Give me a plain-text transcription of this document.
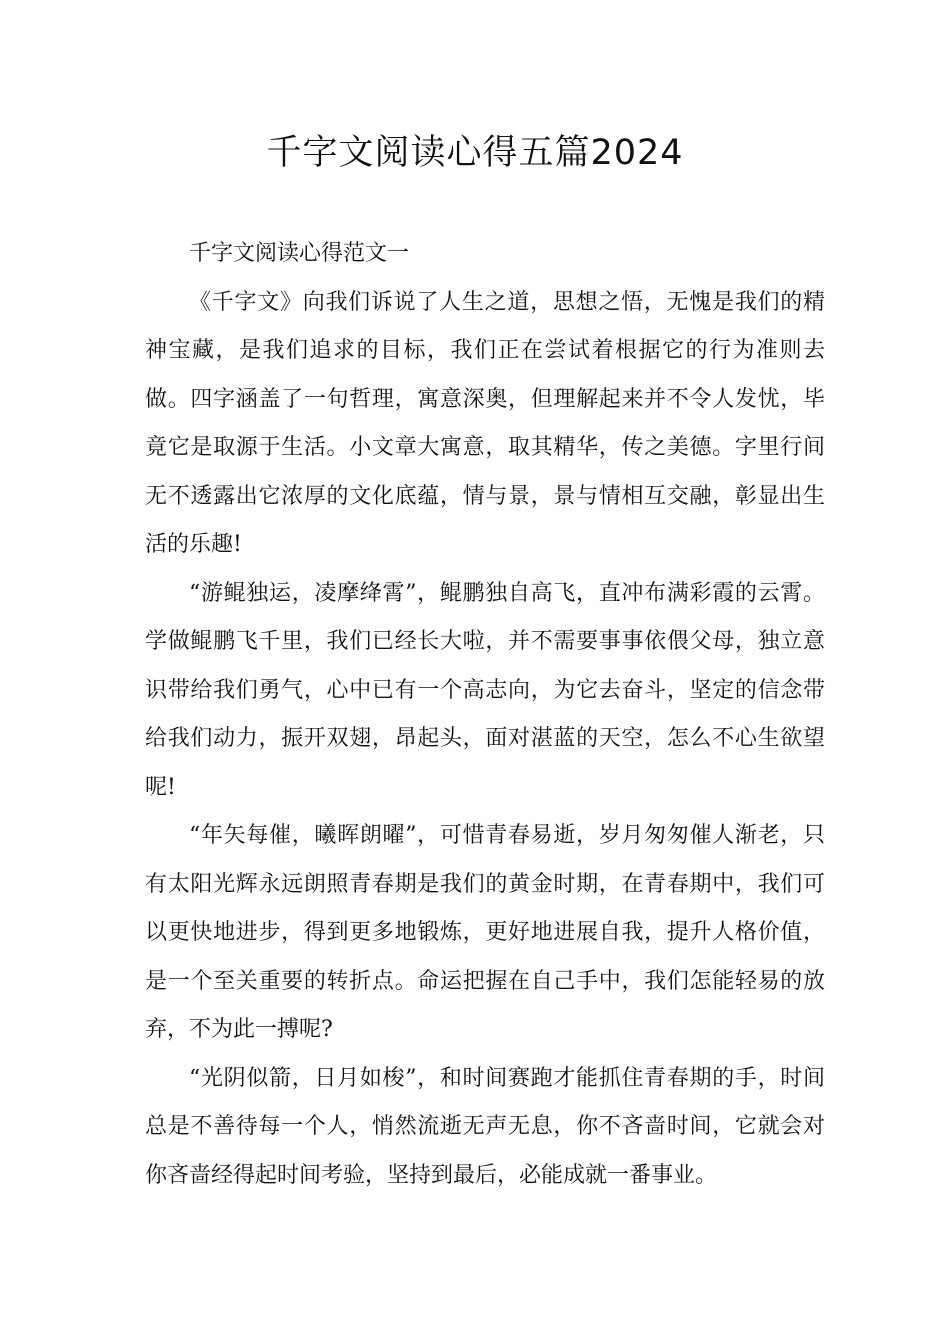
千字文阅读心得五篇2024

千字文阅读心得范文一

《千字文》向我们诉说了人生之道，思想之悟，无愧是我们的精神宝藏，是我们追求的目标，我们正在尝试着根据它的行为准则去做。四字涵盖了一句哲理，寓意深奥，但理解起来并不令人发忧，毕竟它是取源于生活。小文章大寓意，取其精华，传之美德。字里行间无不透露出它浓厚的文化底蕴，情与景，景与情相互交融，彰显出生活的乐趣!

“游鲲独运，凌摩绛霄”，鲲鹏独自高飞，直冲布满彩霞的云霄。学做鲲鹏飞千里，我们已经长大啦，并不需要事事依偎父母，独立意识带给我们勇气，心中已有一个高志向，为它去奋斗，坚定的信念带给我们动力，振开双翅，昂起头，面对湛蓝的天空，怎么不心生欲望呢!

“年矢每催，曦晖朗曜”，可惜青春易逝，岁月匆匆催人渐老，只有太阳光辉永远朗照青春期是我们的黄金时期，在青春期中，我们可以更快地进步，得到更多地锻炼，更好地进展自我，提升人格价值，是一个至关重要的转折点。命运把握在自己手中，我们怎能轻易的放弃，不为此一搏呢?

“光阴似箭，日月如梭”，和时间赛跑才能抓住青春期的手，时间总是不善待每一个人，悄然流逝无声无息，你不吝啬时间，它就会对你吝啬经得起时间考验，坚持到最后，必能成就一番事业。
